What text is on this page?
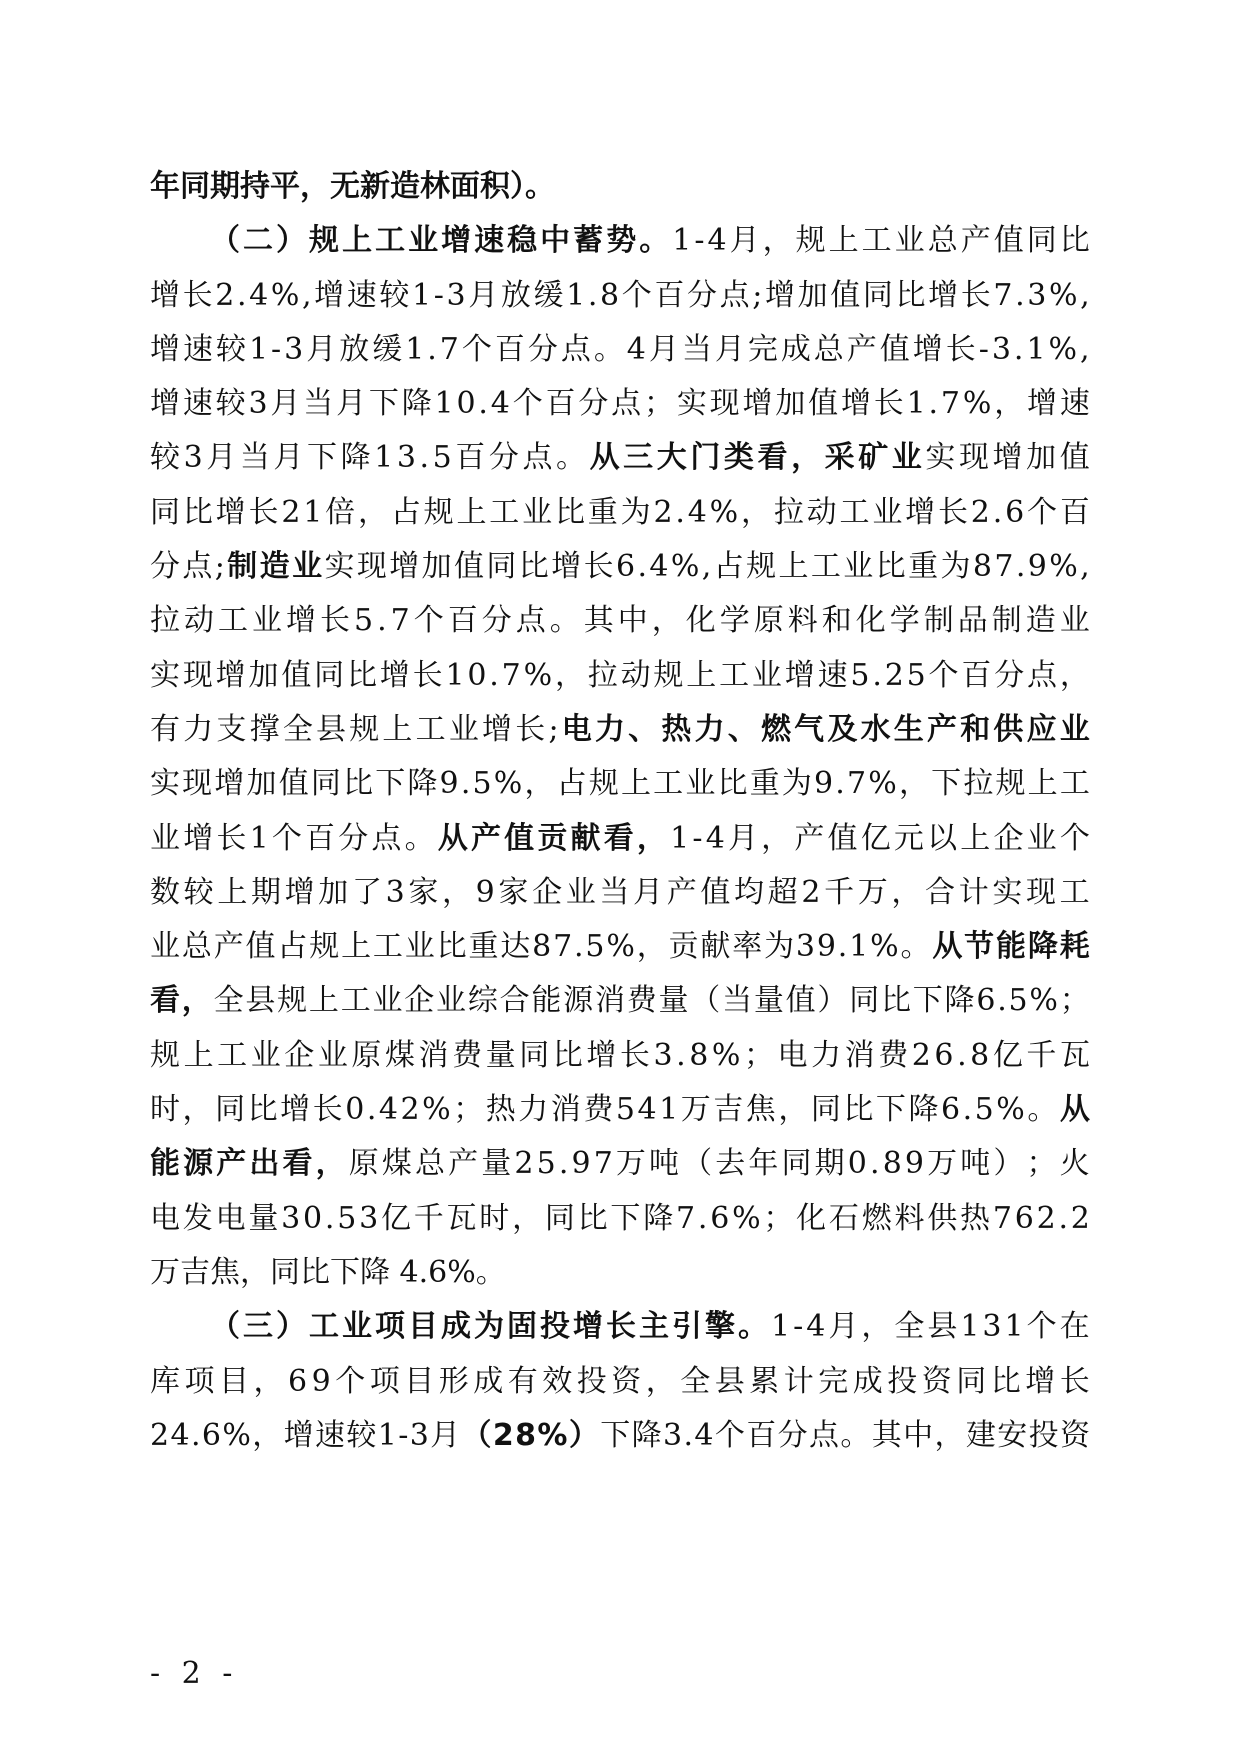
年同期持平，无新造林面积）。
（ 二 ） 规 上 工 业 增 速 稳 中 蓄 势 。 1 - 4 月 ， 规 上 工 业 总 产 值 同 比
增 长 2 . 4 % , 增 速 较 1 - 3 月 放 缓 1 . 8 个 百 分 点 ; 增 加 值 同 比 增 长 7 . 3 % ,
增 速 较 1 - 3 月 放 缓 1 . 7 个 百 分 点 。 4 月 当 月 完 成 总 产 值 增 长 - 3 . 1 % ,
增 速 较 3 月 当 月 下 降 1 0 . 4 个 百 分 点 ； 实 现 增 加 值 增 长 1 . 7 % ， 增 速
较 3 月 当 月 下 降 1 3 . 5 百 分 点 。 从 三 大 门 类 看 ， 采 矿 业 实 现 增 加 值
同 比 增 长 2 1 倍 ， 占 规 上 工 业 比 重 为 2 . 4 % ， 拉 动 工 业 增 长 2 . 6 个 百
分 点 ; 制 造 业 实 现 增 加 值 同 比 增 长 6 . 4 % , 占 规 上 工 业 比 重 为 8 7 . 9 % ,
拉 动 工 业 增 长 5 . 7 个 百 分 点 。 其 中 ， 化 学 原 料 和 化 学 制 品 制 造 业
实 现 增 加 值 同 比 增 长 1 0 . 7 % ， 拉 动 规 上 工 业 增 速 5 . 2 5 个 百 分 点 ，
有 力 支 撑 全 县 规 上 工 业 增 长 ; 电 力 、 热 力 、 燃 气 及 水 生 产 和 供 应 业
实 现 增 加 值 同 比 下 降 9 . 5 % ， 占 规 上 工 业 比 重 为 9 . 7 % ， 下 拉 规 上 工
业 增 长 1 个 百 分 点 。 从 产 值 贡 献 看 ， 1 - 4 月 ， 产 值 亿 元 以 上 企 业 个
数 较 上 期 增 加 了 3 家 ， 9 家 企 业 当 月 产 值 均 超 2 千 万 ， 合 计 实 现 工
业 总 产 值 占 规 上 工 业 比 重 达 8 7 . 5 % ， 贡 献 率 为 3 9 . 1 % 。 从 节 能 降 耗
看 ， 全 县 规 上 工 业 企 业 综 合 能 源 消 费 量 （ 当 量 值 ） 同 比 下 降 6 . 5 % ；
规 上 工 业 企 业 原 煤 消 费 量 同 比 增 长 3 . 8 % ； 电 力 消 费 2 6 . 8 亿 千 瓦
时 ， 同 比 增 长 0 . 4 2 % ； 热 力 消 费 5 4 1 万 吉 焦 ， 同 比 下 降 6 . 5 % 。 从
能 源 产 出 看 ， 原 煤 总 产 量 2 5 . 9 7 万 吨 （ 去 年 同 期 0 . 8 9 万 吨 ） ； 火
电 发 电 量 3 0 . 5 3 亿 千 瓦 时 ， 同 比 下 降 7 . 6 % ； 化 石 燃 料 供 热 7 6 2 . 2
万吉焦，同比下降 4.6%。
（ 三 ） 工 业 项 目 成 为 固 投 增 长 主 引 擎 。 1 - 4 月 ， 全 县 1 3 1 个 在
库 项 目 ， 6 9 个 项 目 形 成 有 效 投 资 ， 全 县 累 计 完 成 投 资 同 比 增 长
2 4 . 6 % ， 增 速 较 1 - 3 月 （ 2 8 % ） 下 降 3 . 4 个 百 分 点 。 其 中 ， 建 安 投 资
- 2 -
